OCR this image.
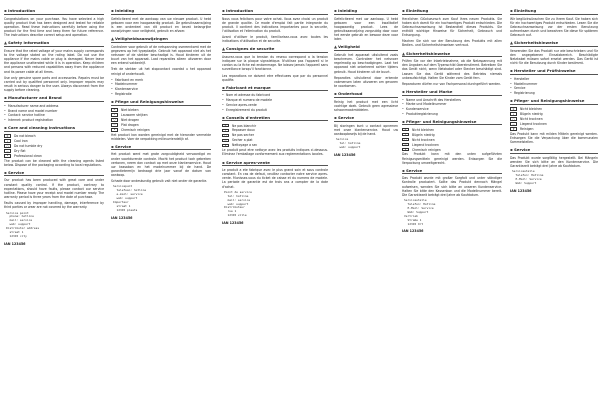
▪Introduction
Congratulations on your purchase. You have selected a high quality product that has been designed and tested for reliable operation. Read these instructions carefully before using the product for the first time and keep them for future reference. The instructions describe correct setup and operation.
▲Safety information
Ensure that the rated voltage of your mains supply corresponds to the voltage stated on the rating label. Do not use the appliance if the mains cable or plug is damaged. Never leave the appliance unattended while it is in operation. Keep children and persons with reduced capabilities away from the appliance and its power cable at all times.
Use only genuine spare parts and accessories. Repairs must be carried out by qualified personnel only. Improper repairs may result in serious danger to the user. Always disconnect from the supply before cleaning.
▪Manufacturer and Brand
• Manufacturer name and address
• Brand name and model number
• Contact: service hotline
• Internet: product registration
▪Care and cleaning instructions
✕	Do not bleach
•	Cool iron
○	Do not tumble dry
—	Dry flat
P	Professional clean
The product can be cleaned with the cleaning agents listed below. Dispose of the packaging according to local regulations.
▪Service
Our product has been produced with great care and under constant quality control. If the product, contrary to expectations, should have faults, please contact our service hotline. Please have your receipt and model number ready. The warranty period is three years from the date of purchase.
Faults caused by improper handling, damage, interference by third parties or wear are not covered by the warranty.
Service point
phone: hotline
mail: service
web: support
Distributor address
street 1
12345 city
IAN 123456
▪Inleiding
Gefeliciteerd met de aankoop van uw nieuwe product. U hebt gekozen voor een hoogwaardig product. De gebruiksaanwijzing is een onderdeel van dit product en bevat belangrijke aanwijzingen voor veiligheid, gebruik en afvoer.
▲Veiligheidsaanwijzingen
Controleer voor gebruik of de netspanning overeenkomt met de gegevens op het typeplaatje. Gebruik het apparaat niet als het netsnoer of de stekker beschadigd is. Houd kinderen uit de buurt van het apparaat. Laat reparaties alleen uitvoeren door een erkend vakbedrijf.
Trek de stekker uit het stopcontact voordat u het apparaat reinigt of onderhoudt.
• Fabrikant en merk
• Modelnummer
• Klantenservice
• Registratie
▪Pflege und Reinigungshinweise
✕	Niet bleken
•	Lauwarm strijken
○	Niet drogen
—	Plat drogen
P	Chemisch reinigen
Het product kan worden gereinigd met de hieronder vermelde middelen. Voer de verpakking milieuvriendelijk af.
▪Service
Het product werd met grote zorgvuldigheid vervaardigd en onder voortdurende controle. Mocht het product toch gebreken vertonen, neem dan contact op met onze klantenservice. Houd uw kassabon en het modelnummer bij de hand. De garantietermijn bedraagt drie jaar vanaf de datum van aankoop.
Schade door ondeskundig gebruik valt niet onder de garantie.
Servicepunt
telefoon: hotline
e-mail: service
web: support
Importeur
straat 1
12345 plaats
IAN 123456
▪Introduction
Nous vous felicitons pour votre achat. Vous avez choisi un produit de grande qualite. Ce mode d'emploi fait partie integrante du produit. Il contient des indications importantes pour la securite, l'utilisation et l'elimination du produit.
Avant d'utiliser le produit, familiarisez-vous avec toutes les indications d'utilisation et de securite.
▲Consignes de securite
Assurez-vous que la tension du reseau correspond a la tension indiquee sur la plaque signaletique. N'utilisez pas l'appareil si le cordon ou la fiche est endommage. Ne laissez jamais l'appareil sans surveillance lorsqu'il fonctionne.
Les reparations ne doivent etre effectuees que par du personnel qualifie.
▪Fabricant et marque
• Nom et adresse du fabricant
• Marque et numero de modele
• Service apres-vente
• Enregistrement du produit
▪Conseils d'entretien
✕	Ne pas blanchir
•	Repasser doux
○	Ne pas secher
—	Secher a plat
P	Nettoyage a sec
Le produit peut etre nettoye avec les produits indiques ci-dessous. Eliminez l'emballage conformement aux reglementations locales.
▪Service apres-vente
Le produit a ete fabrique avec le plus grand soin et sous controle constant. En cas de defaut, veuillez contacter notre service apres-vente. Munissez-vous du ticket de caisse et du numero de modele. La periode de garantie est de trois ans a compter de la date d'achat.
Point de service
tel: hotline
mail: service
web: support
Distributeur
rue 1
12345 ville
IAN 123456
▪Inleiding
Gefeliciteerd met uw aankoop. U hebt gekozen voor een kwalitatief hoogwaardig product. Lees de gebruiksaanwijzing zorgvuldig door voor het eerste gebruik en bewaar deze voor later.
▲Veiligheid
Gebruik het apparaat uitsluitend zoals beschreven. Controleer het netsnoer regelmatig op beschadigingen. Laat het apparaat niet onbeheerd achter tijdens gebruik. Houd kinderen uit de buurt.
Reparaties uitsluitend door erkende vakmensen laten uitvoeren om gevaren te voorkomen.
▪Onderhoud
Reinig het product met een licht vochtige doek. Gebruik geen agressieve schoonmaakmiddelen.
▪Service
Bij storingen kunt u contact opnemen met onze klantenservice. Houd uw aankoopbewijs bij de hand.
Service
tel: hotline
web: support
IAN 123456
▪Einleitung
Herzlichen Glückwunsch zum Kauf Ihres neuen Produkts. Sie haben sich damit für ein hochwertiges Produkt entschieden. Die Gebrauchsanweisung ist Bestandteil dieses Produkts. Sie enthält wichtige Hinweise für Sicherheit, Gebrauch und Entsorgung.
Machen Sie sich vor der Benutzung des Produkts mit allen Bedien- und Sicherheitshinweisen vertraut.
▲Sicherheitshinweise
Prüfen Sie vor der Inbetriebnahme, ob die Netzspannung mit den Angaben auf dem Typenschild übereinstimmt. Betreiben Sie das Gerät nicht, wenn Netzkabel oder Stecker beschädigt sind. Lassen Sie das Gerät während des Betriebs niemals unbeaufsichtigt. Halten Sie Kinder vom Gerät fern.
Reparaturen dürfen nur von Fachpersonal durchgeführt werden.
▪Hersteller und Marke
• Name und Anschrift des Herstellers
• Marke und Modellnummer
• Kundenservice
• Produktregistrierung
▪Pflege- und Reinigungshinweise
✕	Nicht bleichen
•	Bügeln niedrig
○	Nicht trocknen
—	Liegend trocknen
P	Chemisch reinigen
Das Produkt kann mit den unten aufgeführten Reinigungsmitteln gereinigt werden. Entsorgen Sie die Verpackung umweltgerecht.
▪Service
Das Produkt wurde mit großer Sorgfalt und unter ständiger Kontrolle produziert. Sollte das Produkt dennoch Mängel aufweisen, wenden Sie sich bitte an unseren Kundenservice. Halten Sie bitte den Kassenbon und die Modellnummer bereit. Die Garantiezeit beträgt drei Jahre ab Kaufdatum.
Servicestelle
Telefon: Hotline
E-Mail: Service
Web: Support
Vertrieb
Straße 1
12345 Ort
IAN 123456
▪Einleitung
Wir beglückwünschen Sie zu Ihrem Kauf. Sie haben sich für ein hochwertiges Produkt entschieden. Lesen Sie die Gebrauchsanweisung vor der ersten Benutzung aufmerksam durch und bewahren Sie diese für späteren Gebrauch auf.
▲Sicherheitshinweise
Verwenden Sie das Produkt nur wie beschrieben und für den angegebenen Einsatzbereich. Beschädigte Netzkabel müssen sofort ersetzt werden. Das Gerät ist nicht für die Benutzung durch Kinder bestimmt.
▪Hersteller und Prüfhinweise
• Hersteller
• Modellnummer
• Service
• Registrierung
▪Pflege- und Reinigungshinweise
✕	Nicht bleichen
•	Bügeln niedrig
○	Nicht trocknen
—	Liegend trocknen
P	Reinigen
Das Produkt kann mit milden Mitteln gereinigt werden. Entsorgen Sie die Verpackung über die kommunalen Sammelstellen.
▪Service
Das Produkt wurde sorgfältig hergestellt. Bei Mängeln wenden Sie sich bitte an den Kundenservice. Die Garantiezeit beträgt drei Jahre ab Kaufdatum.
Servicestelle
Telefon: Hotline
E-Mail: Service
Web: Support
IAN 123456
